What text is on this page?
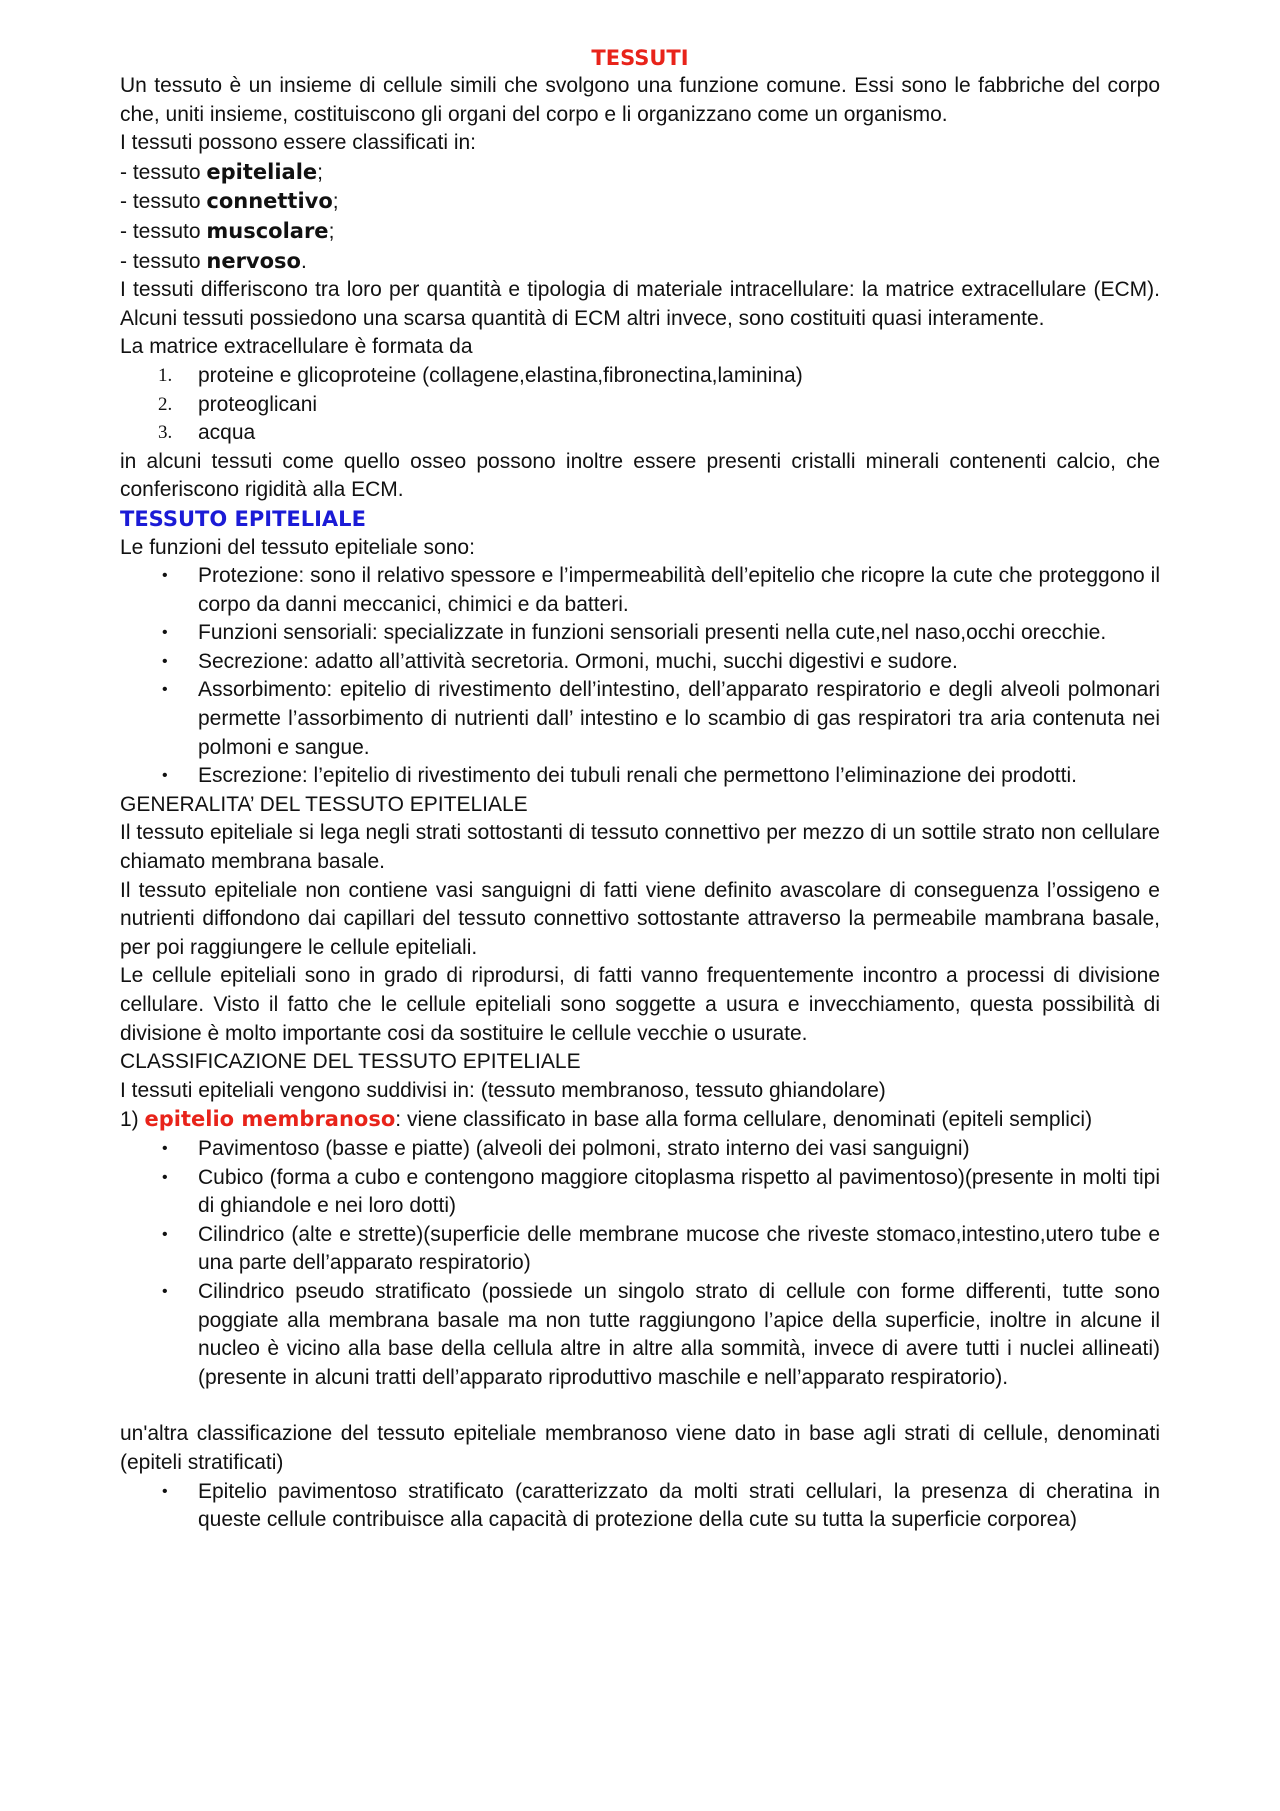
TESSUTI

Un tessuto è un insieme di cellule simili che svolgono una funzione comune. Essi sono le fabbriche del corpo che, uniti insieme, costituiscono gli organi del corpo e li organizzano come un organismo.

I tessuti possono essere classificati in:

- tessuto epiteliale;

- tessuto connettivo;

- tessuto muscolare;

- tessuto nervoso.

I tessuti differiscono tra loro per quantità e tipologia di materiale intracellulare: la matrice extracellulare (ECM). Alcuni tessuti possiedono una scarsa quantità di ECM altri invece, sono costituiti quasi interamente.

La matrice extracellulare è formata da

1. proteine e glicoproteine (collagene,elastina,fibronectina,laminina)
2. proteoglicani
3. acqua

in alcuni tessuti come quello osseo possono inoltre essere presenti cristalli minerali contenenti calcio, che conferiscono rigidità alla ECM.

TESSUTO EPITELIALE

Le funzioni del tessuto epiteliale sono:

• Protezione: sono il relativo spessore e l’impermeabilità dell’epitelio che ricopre la cute che proteggono il corpo da danni meccanici, chimici e da batteri.
• Funzioni sensoriali: specializzate in funzioni sensoriali presenti nella cute,nel naso,occhi orecchie.
• Secrezione: adatto all’attività secretoria. Ormoni, muchi, succhi digestivi e sudore.
• Assorbimento: epitelio di rivestimento dell’intestino, dell’apparato respiratorio e degli alveoli polmonari permette l’assorbimento di nutrienti dall’ intestino e lo scambio di gas respiratori tra aria contenuta nei polmoni e sangue.
• Escrezione: l’epitelio di rivestimento dei tubuli renali che permettono l’eliminazione dei prodotti.

GENERALITA’ DEL TESSUTO EPITELIALE

Il tessuto epiteliale si lega negli strati sottostanti di tessuto connettivo per mezzo di un sottile strato non cellulare chiamato membrana basale.

Il tessuto epiteliale non contiene vasi sanguigni di fatti viene definito avascolare di conseguenza l’ossigeno e nutrienti diffondono dai capillari del tessuto connettivo sottostante attraverso la permeabile mambrana basale, per poi raggiungere le cellule epiteliali.

Le cellule epiteliali sono in grado di riprodursi, di fatti vanno frequentemente incontro a processi di divisione cellulare. Visto il fatto che le cellule epiteliali sono soggette a usura e invecchiamento, questa possibilità di divisione è molto importante cosi da sostituire le cellule vecchie o usurate.

CLASSIFICAZIONE DEL TESSUTO EPITELIALE

I tessuti epiteliali vengono suddivisi in: (tessuto membranoso, tessuto ghiandolare)

1) epitelio membranoso: viene classificato in base alla forma cellulare, denominati (epiteli semplici)

• Pavimentoso (basse e piatte) (alveoli dei polmoni, strato interno dei vasi sanguigni)
• Cubico (forma a cubo e contengono maggiore citoplasma rispetto al pavimentoso)(presente in molti tipi di ghiandole e nei loro dotti)
• Cilindrico (alte e strette)(superficie delle membrane mucose che riveste stomaco,intestino,utero tube e una parte dell’apparato respiratorio)
• Cilindrico pseudo stratificato (possiede un singolo strato di cellule con forme differenti, tutte sono poggiate alla membrana basale ma non tutte raggiungono l’apice della superficie, inoltre in alcune il nucleo è vicino alla base della cellula altre in altre alla sommità, invece di avere tutti i nuclei allineati)(presente in alcuni tratti dell’apparato riproduttivo maschile e nell’apparato respiratorio).

un'altra classificazione del tessuto epiteliale membranoso viene dato in base agli strati di cellule, denominati (epiteli stratificati)

• Epitelio pavimentoso stratificato (caratterizzato da molti strati cellulari, la presenza di cheratina in queste cellule contribuisce alla capacità di protezione della cute su tutta la superficie corporea)
